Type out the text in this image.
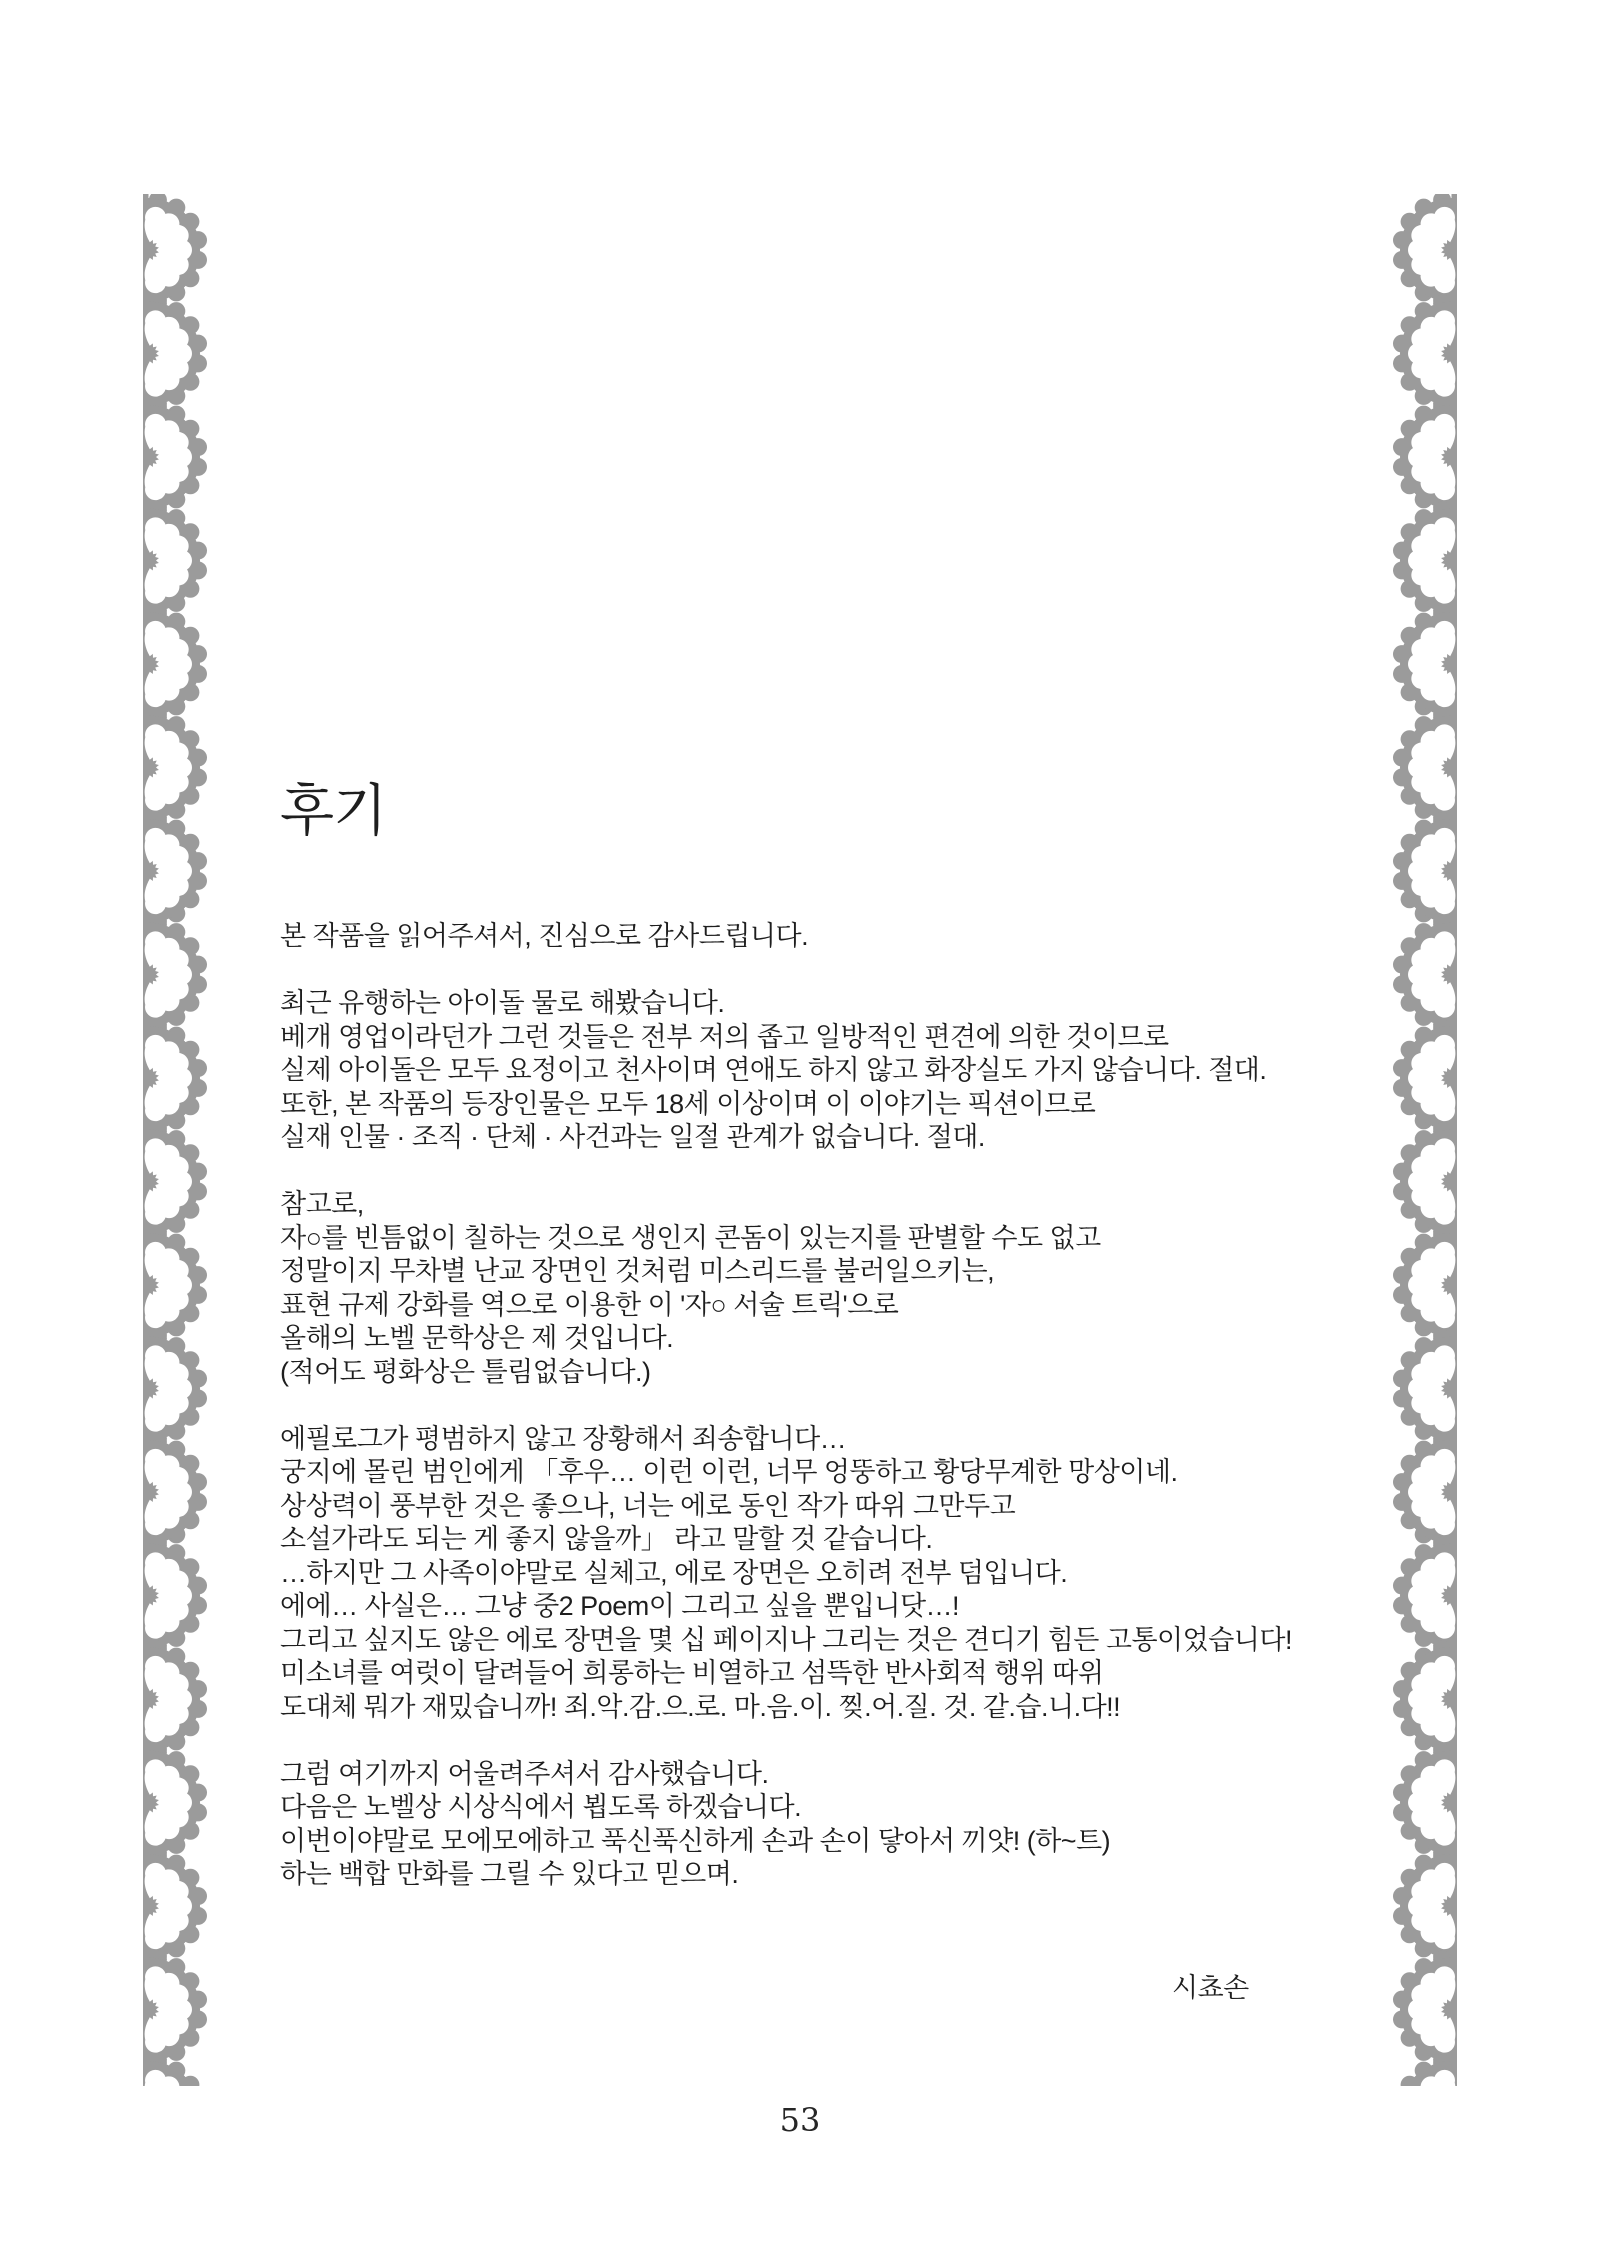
후기
본 작품을 읽어주셔서, 진심으로 감사드립니다.
최근 유행하는 아이돌 물로 해봤습니다.
베개 영업이라던가 그런 것들은 전부 저의 좁고 일방적인 편견에 의한 것이므로
실제 아이돌은 모두 요정이고 천사이며 연애도 하지 않고 화장실도 가지 않습니다. 절대.
또한, 본 작품의 등장인물은 모두 18세 이상이며 이 이야기는 픽션이므로
실재 인물 · 조직 · 단체 · 사건과는 일절 관계가 없습니다. 절대.
참고로,
자○를 빈틈없이 칠하는 것으로 생인지 콘돔이 있는지를 판별할 수도 없고
정말이지 무차별 난교 장면인 것처럼 미스리드를 불러일으키는,
표현 규제 강화를 역으로 이용한 이 '자○ 서술 트릭'으로
올해의 노벨 문학상은 제 것입니다.
(적어도 평화상은 틀림없습니다.)
에필로그가 평범하지 않고 장황해서 죄송합니다…
궁지에 몰린 범인에게 「후우… 이런 이런, 너무 엉뚱하고 황당무계한 망상이네.
상상력이 풍부한 것은 좋으나, 너는 에로 동인 작가 따위 그만두고
소설가라도 되는 게 좋지 않을까」 라고 말할 것 같습니다.
…하지만 그 사족이야말로 실체고, 에로 장면은 오히려 전부 덤입니다.
에에… 사실은… 그냥 중2 Poem이 그리고 싶을 뿐입니닷…!
그리고 싶지도 않은 에로 장면을 몇 십 페이지나 그리는 것은 견디기 힘든 고통이었습니다!
미소녀를 여럿이 달려들어 희롱하는 비열하고 섬뜩한 반사회적 행위 따위
도대체 뭐가 재밌습니까! 죄.악.감.으.로. 마.음.이. 찢.어.질. 것. 같.습.니.다!!
그럼 여기까지 어울려주셔서 감사했습니다.
다음은 노벨상 시상식에서 뵙도록 하겠습니다.
이번이야말로 모에모에하고 푹신푹신하게 손과 손이 닿아서 끼얏! (하~트)
하는 백합 만화를 그릴 수 있다고 믿으며.
시쵸손
53
